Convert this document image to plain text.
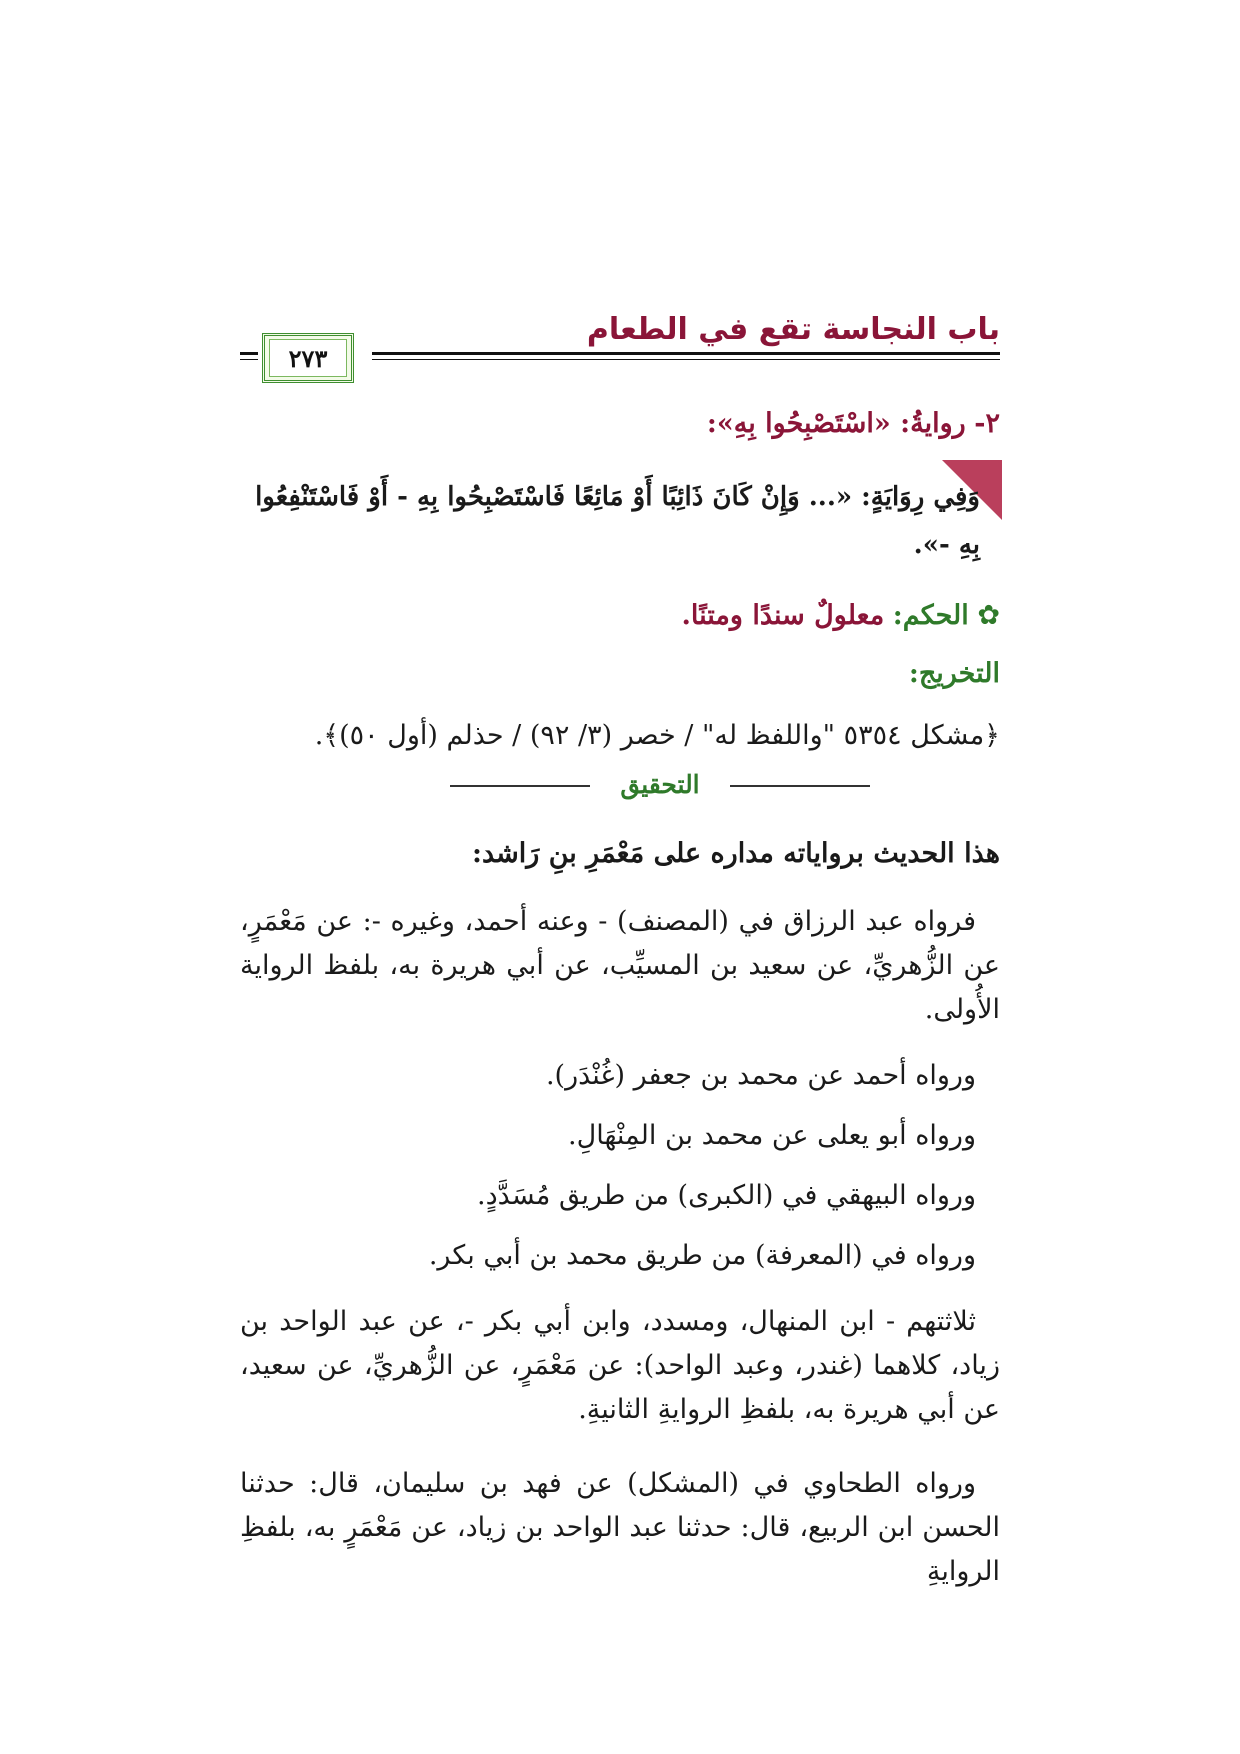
باب النجاسة تقع في الطعام
٢٧٣
٢- روايةُ: «اسْتَصْبِحُوا بِهِ»:
وَفِي رِوَايَةٍ: «... وَإِنْ كَانَ ذَائِبًا أَوْ مَائِعًا فَاسْتَصْبِحُوا بِهِ - أَوْ فَاسْتَنْفِعُوا
بِهِ -».
✿ الحكم: معلولٌ سندًا ومتنًا.
التخريج:
﴿مشكل ٥٣٥٤ "واللفظ له" / خصر (٣/ ٩٢) / حذلم (أول ٥٠)﴾.
التحقيق
هذا الحديث برواياته مداره على مَعْمَرِ بنِ رَاشد:
فرواه عبد الرزاق في (المصنف) - وعنه أحمد، وغيره -: عن مَعْمَرٍ، عن الزُّهريِّ، عن سعيد بن المسيِّب، عن أبي هريرة به، بلفظ الرواية الأُولى.
ورواه أحمد عن محمد بن جعفر (غُنْدَر).
ورواه أبو يعلى عن محمد بن المِنْهَالِ.
ورواه البيهقي في (الكبرى) من طريق مُسَدَّدٍ.
ورواه في (المعرفة) من طريق محمد بن أبي بكر.
ثلاثتهم - ابن المنهال، ومسدد، وابن أبي بكر -، عن عبد الواحد بن زياد، كلاهما (غندر، وعبد الواحد): عن مَعْمَرٍ، عن الزُّهريِّ، عن سعيد، عن أبي هريرة به، بلفظِ الروايةِ الثانيةِ.
ورواه الطحاوي في (المشكل) عن فهد بن سليمان، قال: حدثنا الحسن ابن الربيع، قال: حدثنا عبد الواحد بن زياد، عن مَعْمَرٍ به، بلفظِ الروايةِ
